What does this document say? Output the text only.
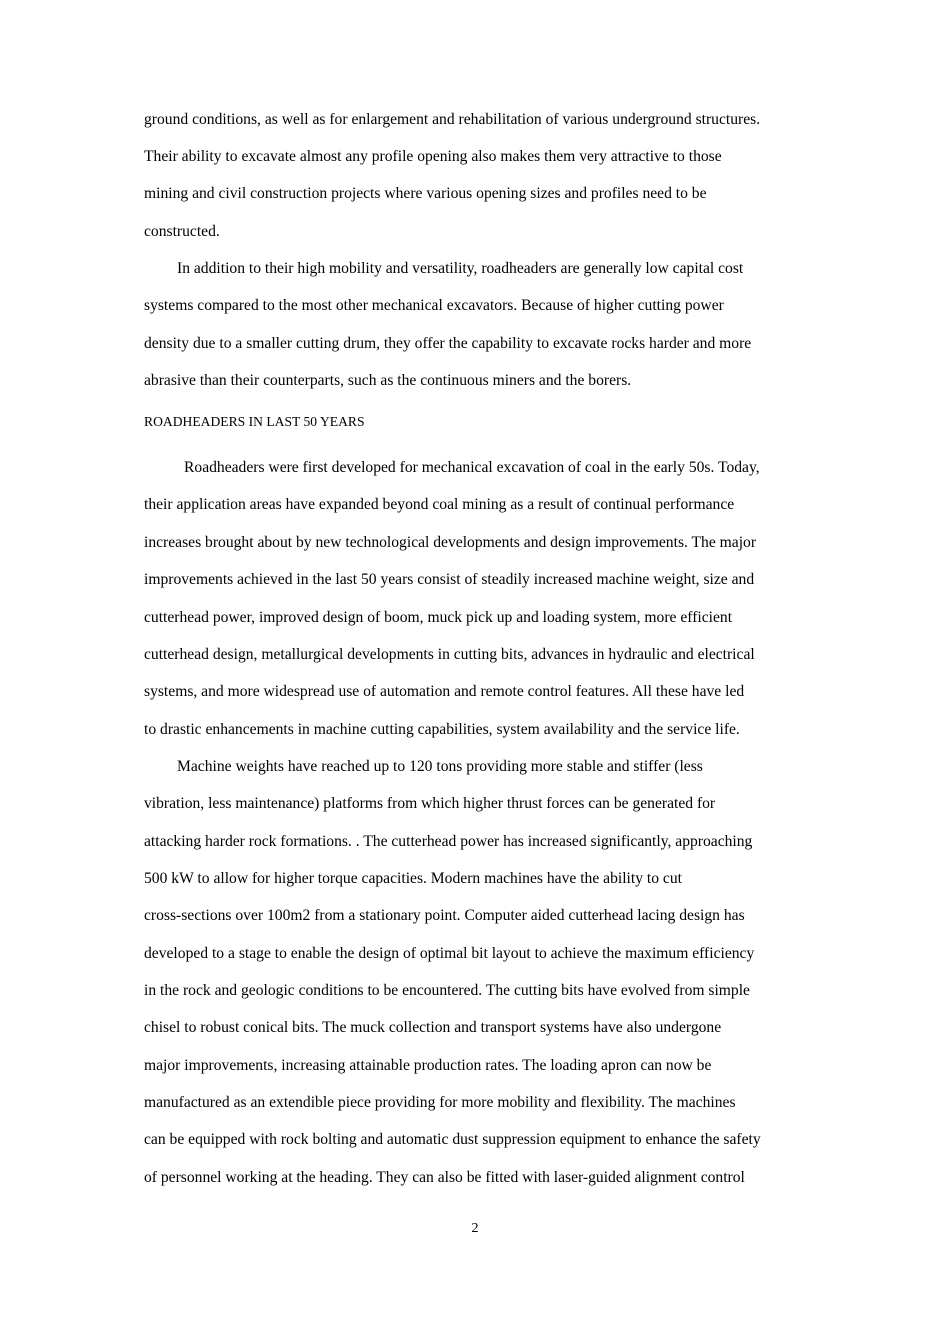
ground conditions, as well as for enlargement and rehabilitation of various underground structures.
Their ability to excavate almost any profile opening also makes them very attractive to those
mining and civil construction projects where various opening sizes and profiles need to be
constructed.
In addition to their high mobility and versatility, roadheaders are generally low capital cost
systems compared to the most other mechanical excavators. Because of higher cutting power
density due to a smaller cutting drum, they offer the capability to excavate rocks harder and more
abrasive than their counterparts, such as the continuous miners and the borers.
ROADHEADERS IN LAST 50 YEARS
Roadheaders were first developed for mechanical excavation of coal in the early 50s. Today,
their application areas have expanded beyond coal mining as a result of continual performance
increases brought about by new technological developments and design improvements. The major
improvements achieved in the last 50 years consist of steadily increased machine weight, size and
cutterhead power, improved design of boom, muck pick up and loading system, more efficient
cutterhead design, metallurgical developments in cutting bits, advances in hydraulic and electrical
systems, and more widespread use of automation and remote control features. All these have led
to drastic enhancements in machine cutting capabilities, system availability and the service life.
Machine weights have reached up to 120 tons providing more stable and stiffer (less
vibration, less maintenance) platforms from which higher thrust forces can be generated for
attacking harder rock formations. . The cutterhead power has increased significantly, approaching
500 kW to allow for higher torque capacities. Modern machines have the ability to cut
cross-sections over 100m2 from a stationary point. Computer aided cutterhead lacing design has
developed to a stage to enable the design of optimal bit layout to achieve the maximum efficiency
in the rock and geologic conditions to be encountered. The cutting bits have evolved from simple
chisel to robust conical bits. The muck collection and transport systems have also undergone
major improvements, increasing attainable production rates. The loading apron can now be
manufactured as an extendible piece providing for more mobility and flexibility. The machines
can be equipped with rock bolting and automatic dust suppression equipment to enhance the safety
of personnel working at the heading. They can also be fitted with laser-guided alignment control
2
